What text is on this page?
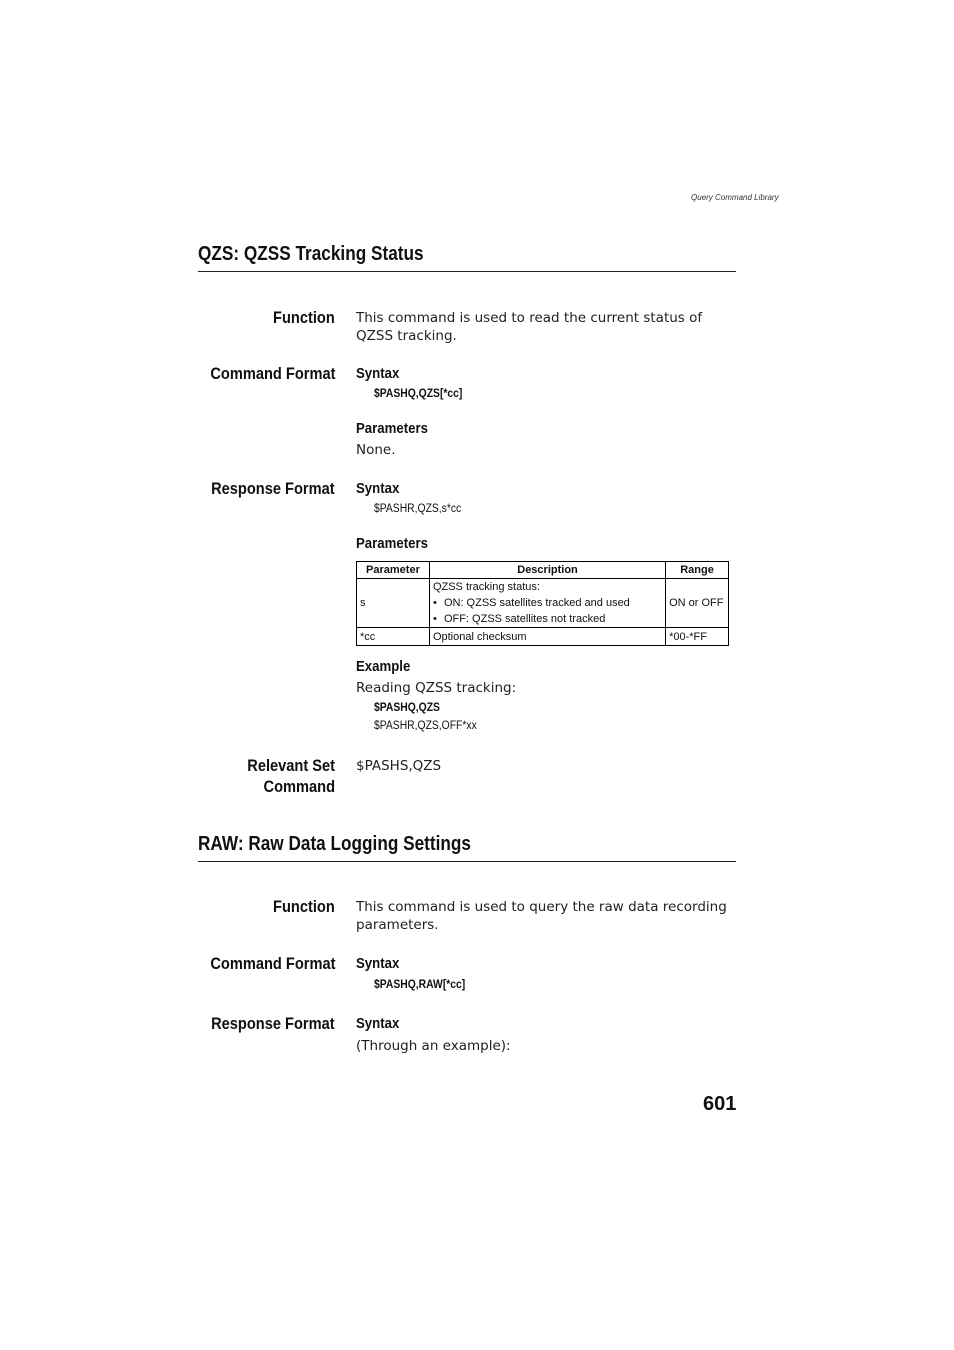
Query Command Library
QZS: QZSS Tracking Status
Function This command is used to read the current status of QZSS tracking.
Command Format Syntax
$PASHQ,QZS[*cc]
Parameters
None.
Response Format Syntax
$PASHR,QZS,s*cc
Parameters
Parameter	Description	Range
s	QZSS tracking status:
• ON: QZSS satellites tracked and used
• OFF: QZSS satellites not tracked	ON or OFF
*cc	Optional checksum	*00-*FF
Example
Reading QZSS tracking:
$PASHQ,QZS
$PASHR,QZS,OFF*xx
Relevant Set
Command
$PASHS,QZS
RAW: Raw Data Logging Settings
Function This command is used to query the raw data recording parameters.
Command Format Syntax
$PASHQ,RAW[*cc]
Response Format Syntax
(Through an example):
601
